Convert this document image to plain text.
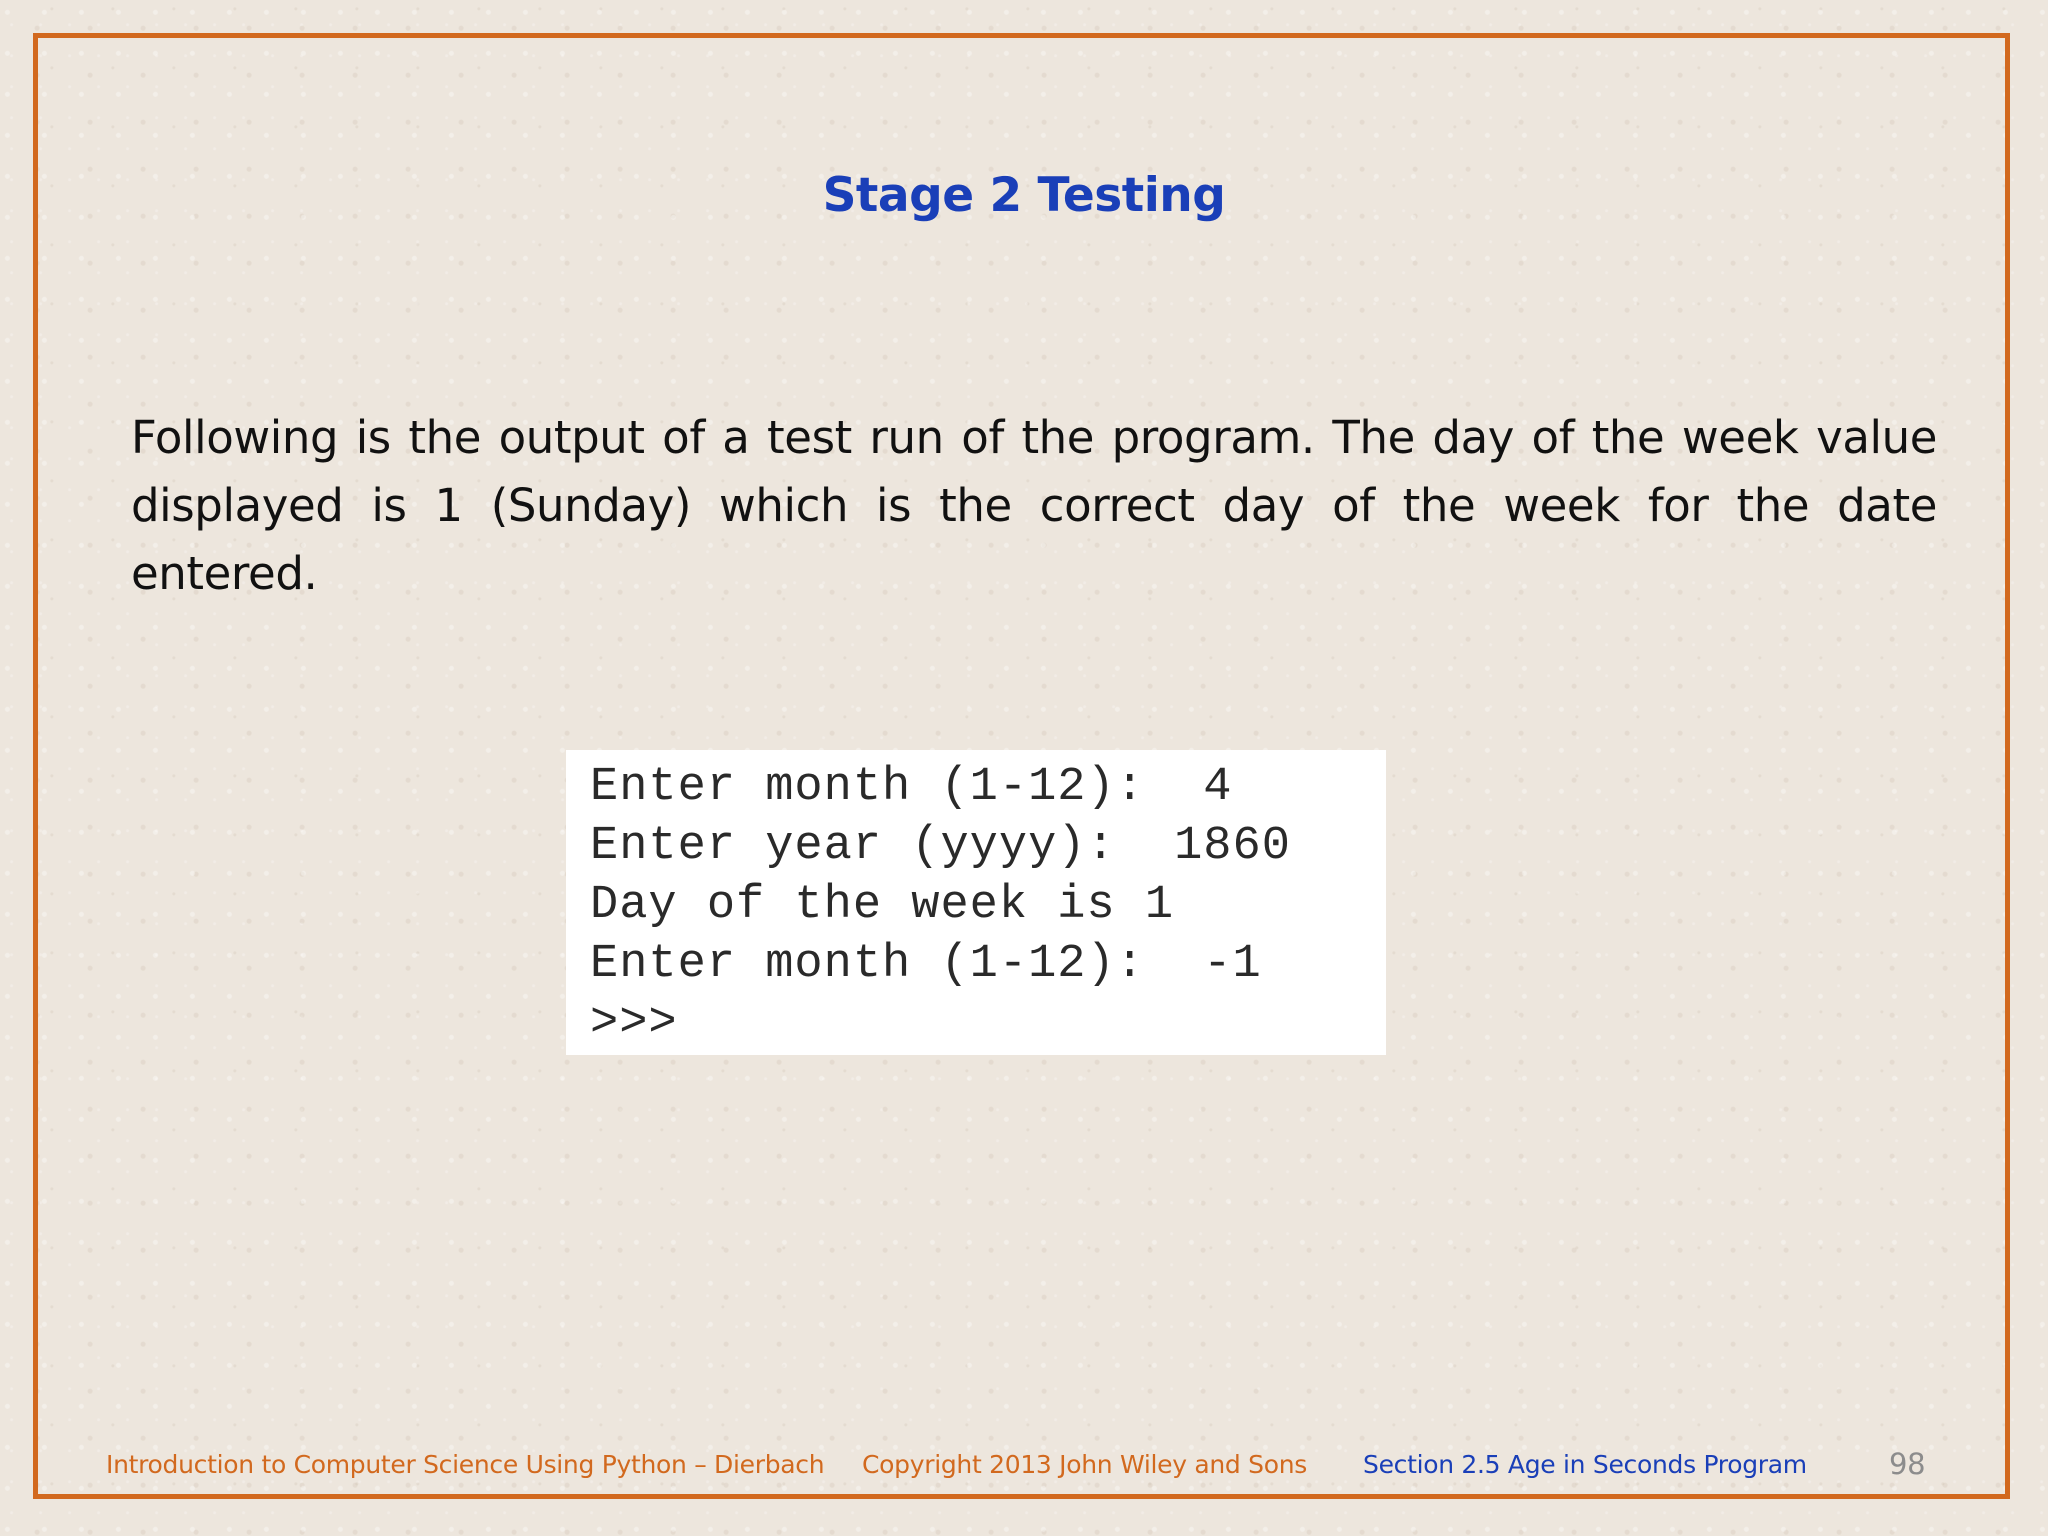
Stage 2 Testing
Following is the output of a test run of the program. The day of the week value displayed is 1 (Sunday) which is the correct day of the week for the date entered.
Enter month (1-12):  4
Enter year (yyyy):  1860
Day of the week is 1
Enter month (1-12):  -1
>>>
Introduction to Computer Science Using Python – Dierbach Copyright 2013 John Wiley and Sons Section 2.5 Age in Seconds Program	98
